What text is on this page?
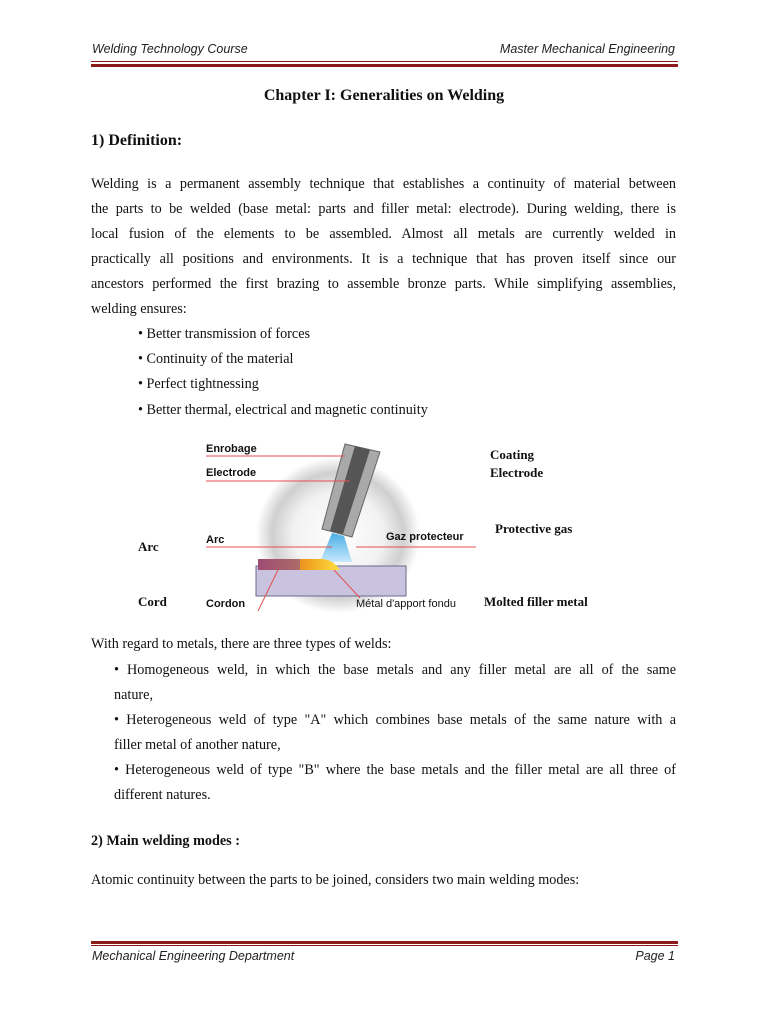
Welding Technology Course	Master Mechanical Engineering
Chapter I: Generalities on Welding
1) Definition:
Welding is a permanent assembly technique that establishes a continuity of material between
the parts to be welded (base metal: parts and filler metal: electrode). During welding, there is
local fusion of the elements to be assembled. Almost all metals are currently welded in
practically all positions and environments. It is a technique that has proven itself since our
ancestors performed the first brazing to assemble bronze parts. While simplifying assemblies,
welding ensures:
• Better transmission of forces
• Continuity of the material
• Perfect tightnessing
• Better thermal, electrical and magnetic continuity
Enrobage
Electrode
Arc	Gaz protecteur
Cordon	Métal d'apport fondu
Coating
Electrode
Protective gas
Arc
Cord	Molted filler metal
With regard to metals, there are three types of welds:
• Homogeneous weld, in which the base metals and any filler metal are all of the same
nature,
• Heterogeneous weld of type "A" which combines base metals of the same nature with a
filler metal of another nature,
• Heterogeneous weld of type "B" where the base metals and the filler metal are all three of
different natures.
2) Main welding modes :
Atomic continuity between the parts to be joined, considers two main welding modes:
Mechanical Engineering Department	Page 1
